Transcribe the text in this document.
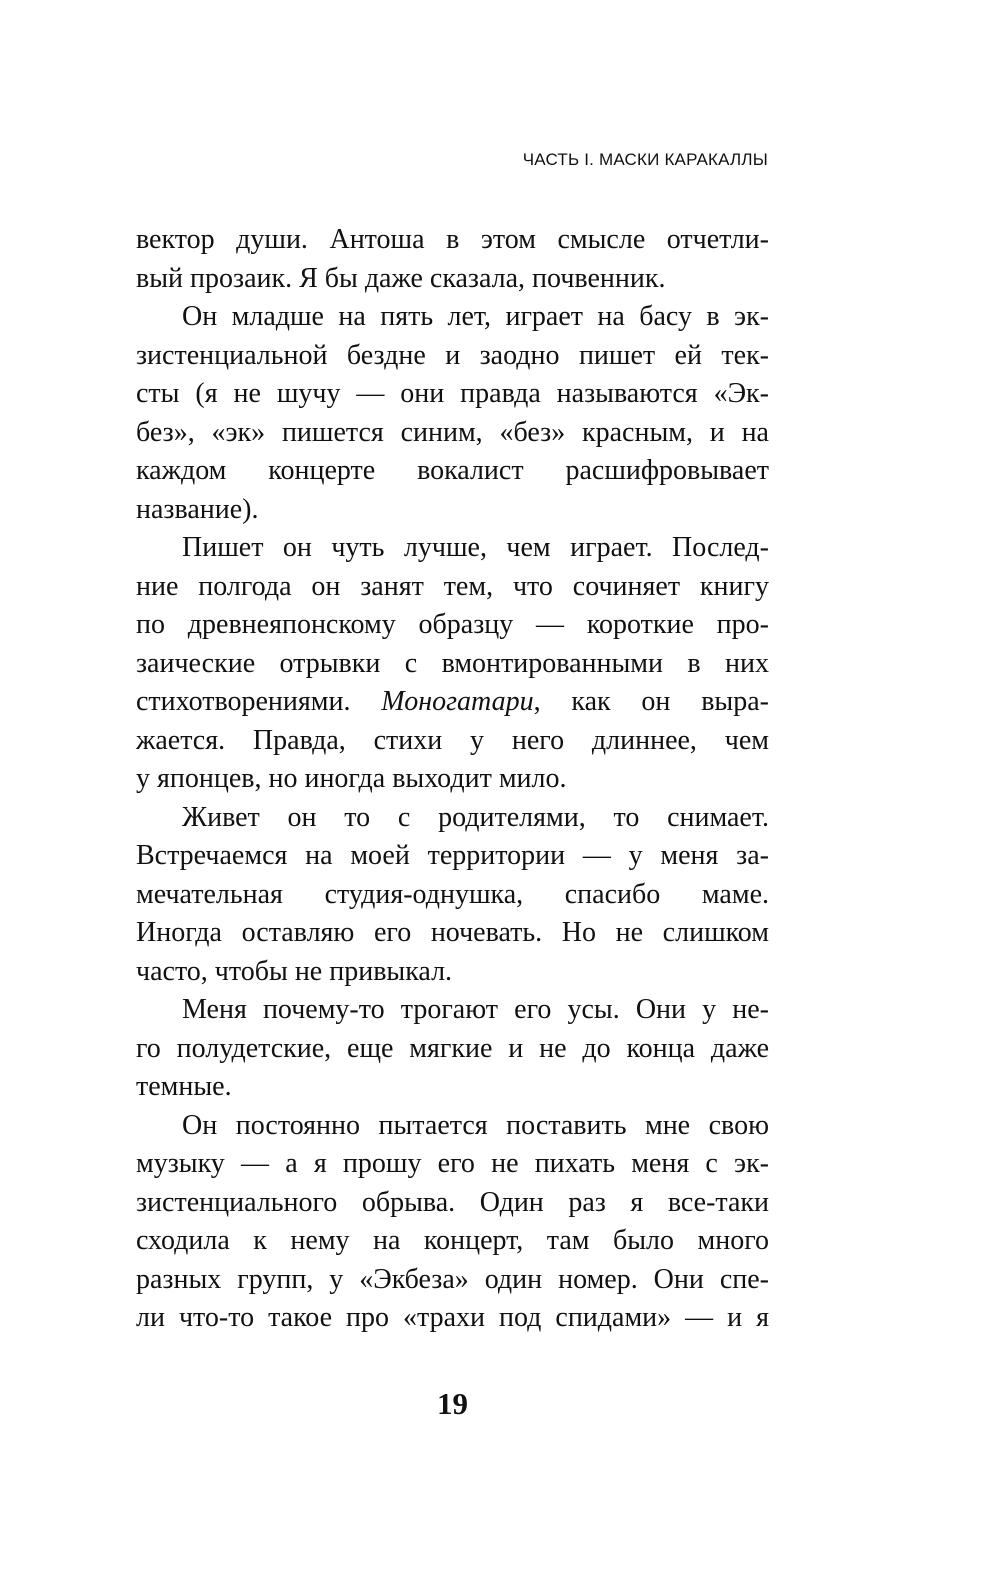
ЧАСТЬ I. МАСКИ КАРАКАЛЛЫ

вектор души. Антоша в этом смысле отчетли-
вый прозаик. Я бы даже сказала, почвенник.

Он младше на пять лет, играет на басу в эк-
зистенциальной бездне и заодно пишет ей тек-
сты (я не шучу — они правда называются «Эк-
без», «эк» пишется синим, «без» красным, и на
каждом концерте вокалист расшифровывает
название).

Пишет он чуть лучше, чем играет. Послед-
ние полгода он занят тем, что сочиняет книгу
по древнеяпонскому образцу — короткие про-
заические отрывки с вмонтированными в них
стихотворениями. Моногатари, как он выра-
жается. Правда, стихи у него длиннее, чем
у японцев, но иногда выходит мило.

Живет он то с родителями, то снимает.
Встречаемся на моей территории — у меня за-
мечательная студия-однушка, спасибо маме.
Иногда оставляю его ночевать. Но не слишком
часто, чтобы не привыкал.

Меня почему-то трогают его усы. Они у не-
го полудетские, еще мягкие и не до конца даже
темные.

Он постоянно пытается поставить мне свою
музыку — а я прошу его не пихать меня с эк-
зистенциального обрыва. Один раз я все-таки
сходила к нему на концерт, там было много
разных групп, у «Экбеза» один номер. Они спе-
ли что-то такое про «трахи под спидами» — и я

19
